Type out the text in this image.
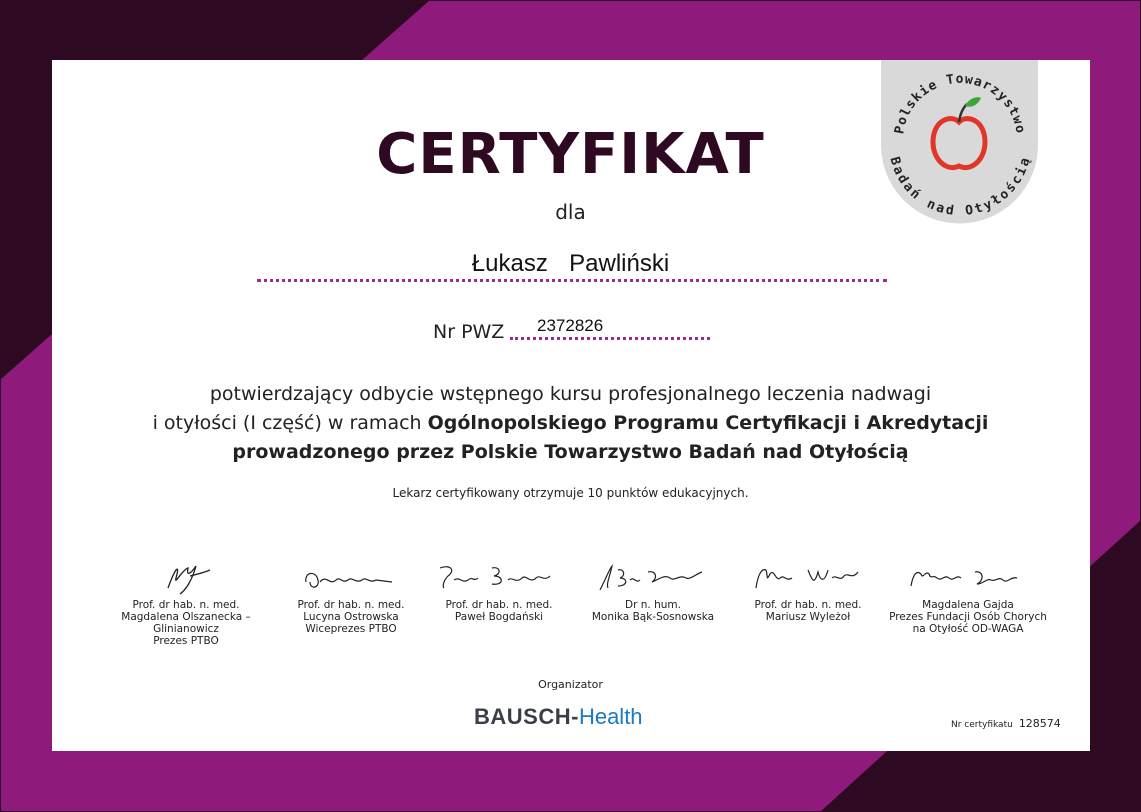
Polskie Towarzystwo
Badań nad Otyłością
CERTYFIKAT
dla
Łukasz  Pawliński
Nr PWZ 2372826
potwierdzający odbycie wstępnego kursu profesjonalnego leczenia nadwagi
i otyłości (I część) w ramach Ogólnopolskiego Programu Certyfikacji i Akredytacji
prowadzonego przez Polskie Towarzystwo Badań nad Otyłością
Lekarz certyfikowany otrzymuje 10 punktów edukacyjnych.
Prof. dr hab. n. med.
Magdalena Olszanecka – Glinianowicz
Prezes PTBO
Prof. dr hab. n. med.
Lucyna Ostrowska
Wiceprezes PTBO
Prof. dr hab. n. med.
Paweł Bogdański
Dr n. hum.
Monika Bąk-Sosnowska
Prof. dr hab. n. med.
Mariusz Wyleżoł
Magdalena Gajda
Prezes Fundacji Osób Chorych
na Otyłość OD-WAGA
Organizator
BAUSCH-Health	Nr certyfikatu 128574
